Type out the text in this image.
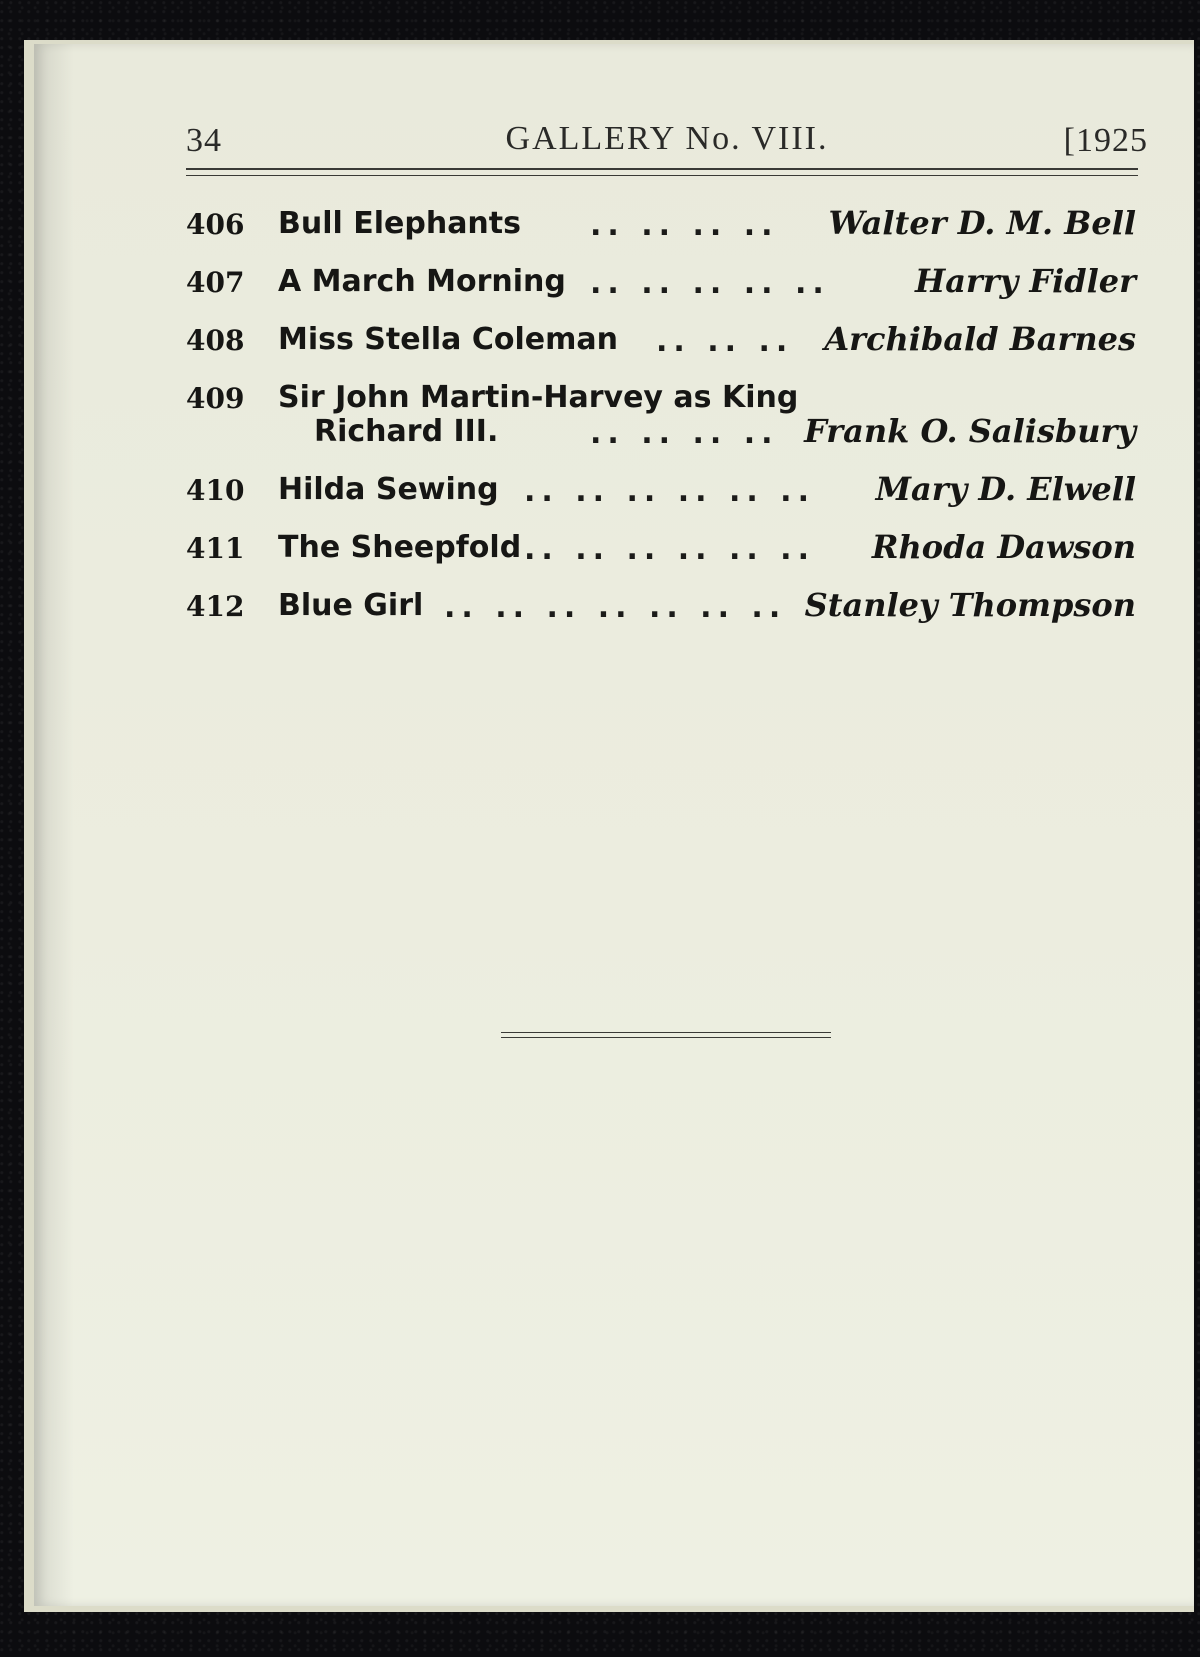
34	GALLERY No. VIII.	[1925
406 Bull Elephants .. .. .. .. Walter D. M. Bell
407 A March Morning .. .. .. .. ..	Harry Fidler
408 Miss Stella Coleman .. .. .. Archibald Barnes
409 Sir John Martin-Harvey as King
Richard III.	.. .. .. .. Frank O. Salisbury
410 Hilda Sewing .. .. .. .. .. .. Mary D. Elwell
411 The Sheepfold .. .. .. .. .. .. Rhoda Dawson
412 Blue Girl .. .. .. .. .. .. .. Stanley Thompson
